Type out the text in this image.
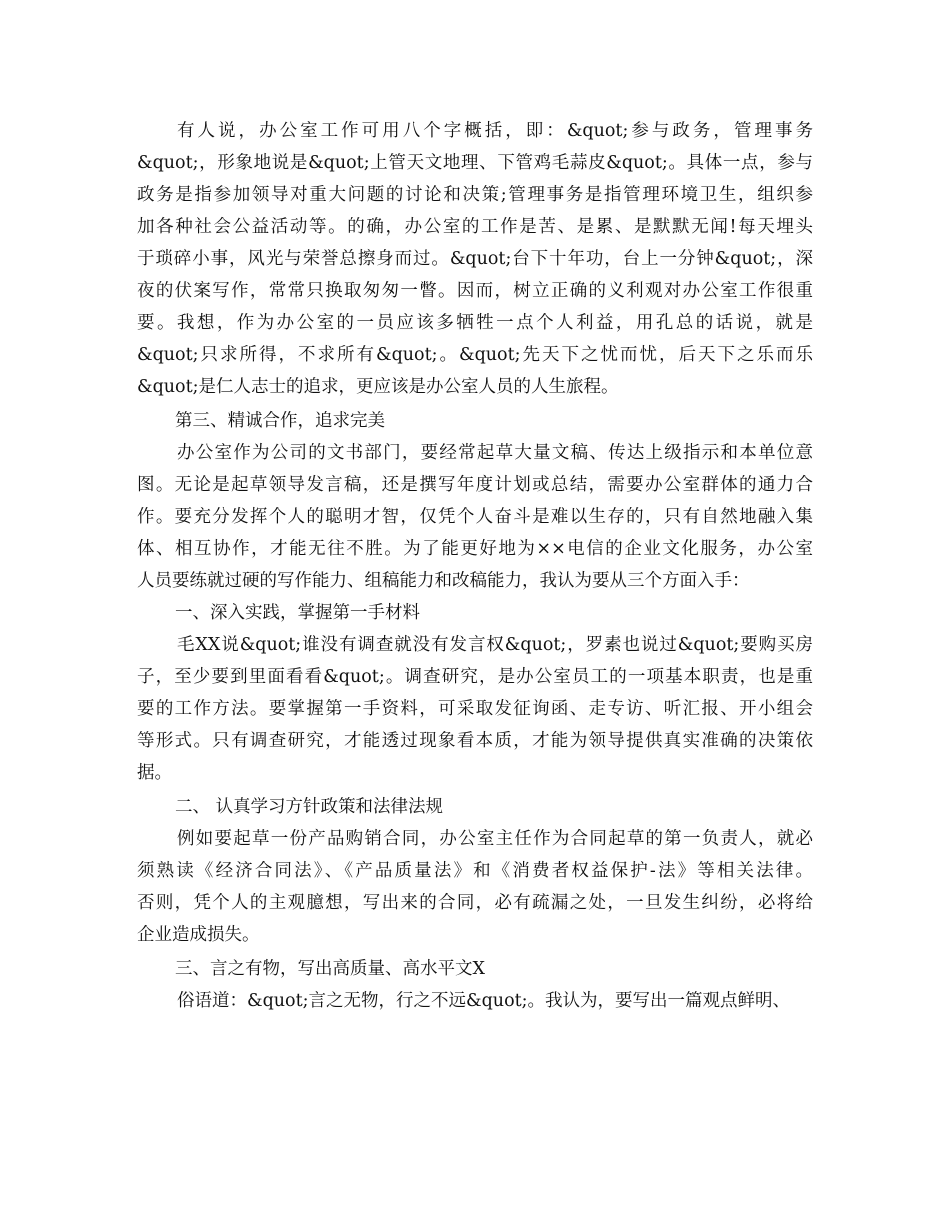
有人说，办公室工作可用八个字概括，即：&quot;参与政务，管理事务
&quot;，形象地说是&quot;上管天文地理、下管鸡毛蒜皮&quot;。具体一点，参与
政务是指参加领导对重大问题的讨论和决策;管理事务是指管理环境卫生，组织参
加各种社会公益活动等。的确，办公室的工作是苦、是累、是默默无闻!每天埋头
于琐碎小事，风光与荣誉总擦身而过。&quot;台下十年功，台上一分钟&quot;，深
夜的伏案写作，常常只换取匆匆一瞥。因而，树立正确的义利观对办公室工作很重
要。我想，作为办公室的一员应该多牺牲一点个人利益，用孔总的话说，就是
&quot;只求所得，不求所有&quot;。&quot;先天下之忧而忧，后天下之乐而乐
&quot;是仁人志士的追求，更应该是办公室人员的人生旅程。
第三、精诚合作，追求完美
办公室作为公司的文书部门，要经常起草大量文稿、传达上级指示和本单位意
图。无论是起草领导发言稿，还是撰写年度计划或总结，需要办公室群体的通力合
作。要充分发挥个人的聪明才智，仅凭个人奋斗是难以生存的，只有自然地融入集
体、相互协作，才能无往不胜。为了能更好地为××电信的企业文化服务，办公室
人员要练就过硬的写作能力、组稿能力和改稿能力，我认为要从三个方面入手：
一、深入实践，掌握第一手材料
毛XX说&quot;谁没有调查就没有发言权&quot;，罗素也说过&quot;要购买房
子，至少要到里面看看&quot;。调查研究，是办公室员工的一项基本职责，也是重
要的工作方法。要掌握第一手资料，可采取发征询函、走专访、听汇报、开小组会
等形式。只有调查研究，才能透过现象看本质，才能为领导提供真实准确的决策依
据。
二、 认真学习方针政策和法律法规
例如要起草一份产品购销合同，办公室主任作为合同起草的第一负责人，就必
须熟读《经济合同法》、《产品质量法》和《消费者权益保护-法》等相关法律。
否则，凭个人的主观臆想，写出来的合同，必有疏漏之处，一旦发生纠纷，必将给
企业造成损失。
三、言之有物，写出高质量、高水平文X
俗语道：&quot;言之无物，行之不远&quot;。我认为，要写出一篇观点鲜明、
